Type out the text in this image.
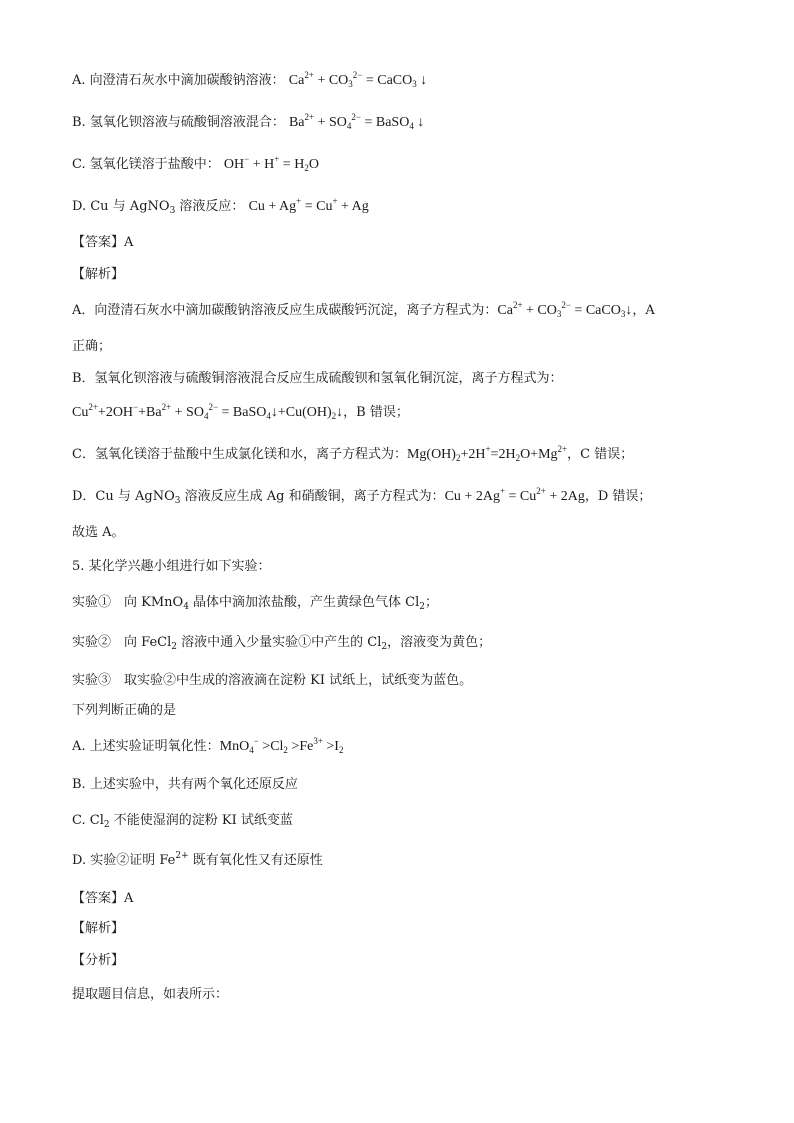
A. 向澄清石灰水中滴加碳酸钠溶液： $Ca^{2+} + CO_3^{2-}$ = CaCO$_3$ ↓
B. 氢氧化钡溶液与硫酸铜溶液混合： $Ba^{2+} + SO_4^{2-}$ = BaSO$_4$ ↓
C. 氢氧化镁溶于盐酸中： $OH^- + H^+ = H_2O$
D. Cu 与 AgNO$_3$ 溶液反应： Cu + Ag+ = Cu+ + Ag
【答案】A
【解析】
A．向澄清石灰水中滴加碳酸钠溶液反应生成碳酸钙沉淀，离子方程式为：$Ca^{2+} + CO_3^{2-}$ = CaCO$_3$↓，A
正确；
B．氢氧化钡溶液与硫酸铜溶液混合反应生成硫酸钡和氢氧化铜沉淀，离子方程式为：
$Cu^{2+}+2OH^-+Ba^{2+} + SO_4^{2-}$ = $BaSO_4↓+Cu(OH)_2↓$，B 错误；
C．氢氧化镁溶于盐酸中生成氯化镁和水，离子方程式为：$Mg(OH)_2+2H^+=2H_2O+Mg^{2+}$，C 错误；
D．Cu 与 AgNO$_3$ 溶液反应生成 Ag 和硝酸铜，离子方程式为：$Cu + 2Ag^+ = Cu^{2+} + 2Ag$，D 错误；
故选 A。
5. 某化学兴趣小组进行如下实验：
实验①　向 KMnO$_4$ 晶体中滴加浓盐酸，产生黄绿色气体 $Cl_2$；
实验②　向 FeCl$_2$ 溶液中通入少量实验①中产生的 $Cl_2$，溶液变为黄色；
实验③　取实验②中生成的溶液滴在淀粉 KI 试纸上，试纸变为蓝色。
下列判断正确的是
A. 上述实验证明氧化性：$MnO_4^- >Cl_2 >Fe^{3+} >I_2$
B. 上述实验中，共有两个氧化还原反应
C. $Cl_2$ 不能使湿润的淀粉 KI 试纸变蓝
D. 实验②证明 $Fe^{2+}$ 既有氧化性又有还原性
【答案】A
【解析】
【分析】
提取题目信息，如表所示：
